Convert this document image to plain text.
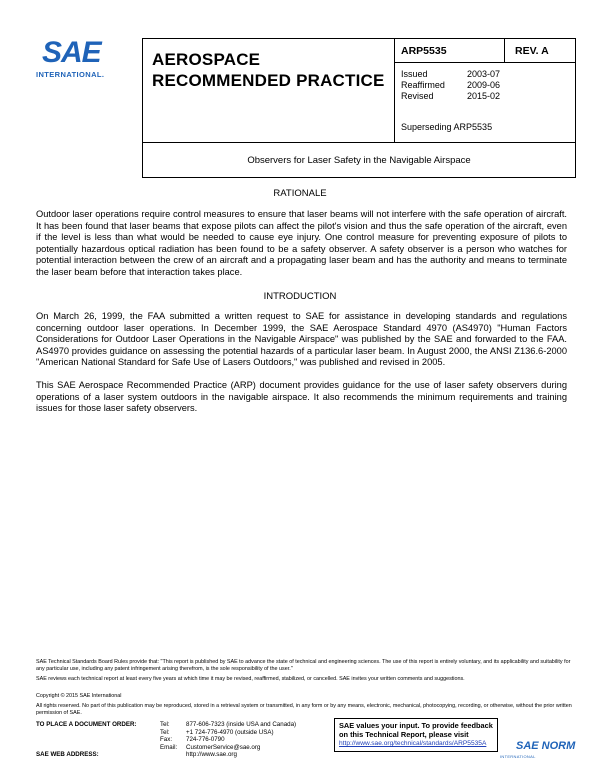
SAE
INTERNATIONAL.
AEROSPACE
RECOMMENDED PRACTICE
ARP5535	REV. A
Issued	2003-07
Reaffirmed	2009-06
Revised	2015-02
Superseding ARP5535
Observers for Laser Safety in the Navigable Airspace
RATIONALE
Outdoor laser operations require control measures to ensure that laser beams will not interfere with the safe operation of aircraft. It has been found that laser beams that expose pilots can affect the pilot's vision and thus the safe operation of the aircraft, even if the level is less than what would be needed to cause eye injury. One control measure for preventing exposure of pilots to potentially hazardous optical radiation has been found to be a safety observer. A safety observer is a person who watches for potential interaction between the crew of an aircraft and a propagating laser beam and has the authority and means to terminate the laser beam before that interaction takes place.
INTRODUCTION
On March 26, 1999, the FAA submitted a written request to SAE for assistance in developing standards and regulations concerning outdoor laser operations. In December 1999, the SAE Aerospace Standard 4970 (AS4970) "Human Factors Considerations for Outdoor Laser Operations in the Navigable Airspace" was published by the SAE and forwarded to the FAA. AS4970 provides guidance on assessing the potential hazards of a particular laser beam. In August 2000, the ANSI Z136.6-2000 "American National Standard for Safe Use of Lasers Outdoors," was published and revised in 2005.
This SAE Aerospace Recommended Practice (ARP) document provides guidance for the use of laser safety observers during operations of a laser system outdoors in the navigable airspace. It also recommends the minimum requirements and training issues for those laser safety observers.
SAE Technical Standards Board Rules provide that: "This report is published by SAE to advance the state of technical and engineering sciences. The use of this report is entirely voluntary, and its applicability and suitability for any particular use, including any patent infringement arising therefrom, is the sole responsibility of the user."
SAE reviews each technical report at least every five years at which time it may be revised, reaffirmed, stabilized, or cancelled. SAE invites your written comments and suggestions.
Copyright © 2015 SAE International
All rights reserved. No part of this publication may be reproduced, stored in a retrieval system or transmitted, in any form or by any means, electronic, mechanical, photocopying, recording, or otherwise, without the prior written permission of SAE.
TO PLACE A DOCUMENT ORDER:	Tel:	877-606-7323 (inside USA and Canada)
Tel:	+1 724-776-4970 (outside USA)
Fax:	724-776-0790
Email:	CustomerService@sae.org
SAE WEB ADDRESS:	http://www.sae.org
SAE values your input. To provide feedback
on this Technical Report, please visit
http://www.sae.org/technical/standards/ARP5535A	SAE NORM
INTERNATIONAL
